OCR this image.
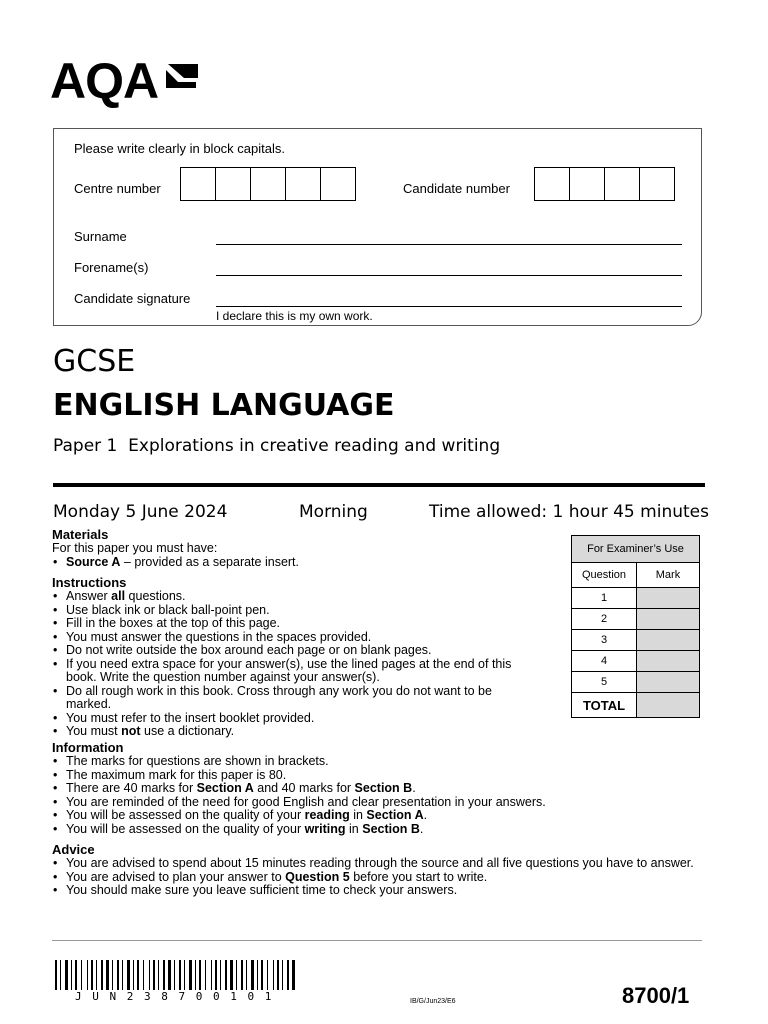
AQA
Please write clearly in block capitals.
Centre number	Candidate number
Surname
Forename(s)
Candidate signature
I declare this is my own work.
GCSE
ENGLISH LANGUAGE
Paper 1  Explorations in creative reading and writing
Monday 5 June 2024	Morning	Time allowed: 1 hour 45 minutes
For Examiner’s Use	
Question	Mark
1	
2	
3	
4	
5	
TOTAL	

Materials

For this paper you must have:

• Source A – provided as a separate insert.

Instructions

• Answer all questions.
• Use black ink or black ball-point pen.
• Fill in the boxes at the top of this page.
• You must answer the questions in the spaces provided.
• Do not write outside the box around each page or on blank pages.
• If you need extra space for your answer(s), use the lined pages at the end of this book. Write the question number against your answer(s).
• Do all rough work in this book. Cross through any work you do not want to be marked.
• You must refer to the insert booklet provided.
• You must not use a dictionary.

Information

• The marks for questions are shown in brackets.
• The maximum mark for this paper is 80.
• There are 40 marks for Section A and 40 marks for Section B.
• You are reminded of the need for good English and clear presentation in your answers.
• You will be assessed on the quality of your reading in Section A.
• You will be assessed on the quality of your writing in Section B.

Advice

• You are advised to spend about 15 minutes reading through the source and all five questions you have to answer.
• You are advised to plan your answer to Question 5 before you start to write.
• You should make sure you leave sufficient time to check your answers.
J U N 2 3 8 7 0 0 1 0 1	IB/G/Jun23/E6	8700/1
